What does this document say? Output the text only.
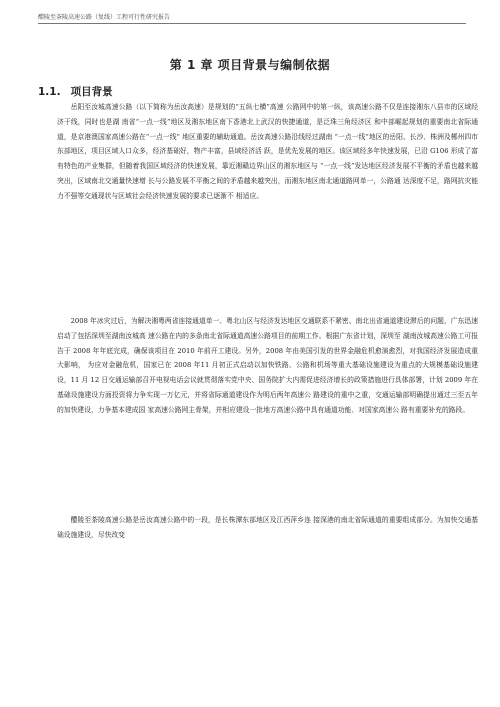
醴陵至茶陵高速公路（复线）工程可行性研究报告
第 1 章 项目背景与编制依据
1.1. 项目背景

岳阳至汝城高速公路（以下简称为岳汝高速）是规划的“五纵七横”高速 公路网中的第一纵，该高速公路不仅是连接湘东八县市的区域经济干线，同时也是湖 南省“一点一线”地区及湘东地区南下香港北上武汉的快捷通道，是泛珠三角经济区 和中部崛起规划的重要南北省际通道，是京港澳国家高速公路在“一点一线” 地区重要的辅助通道。岳汝高速公路沿线经过湖南 “一点一线”地区的岳阳、长沙、株洲及郴州四市东部地区，项目区域人口众多，经济基础好，物产丰富，县域经济活 跃，是优先发展的地区。该区域经多年快速发展，已沿 G106 形成了富有特色的产业集群，但随着我国区域经济的快速发展，靠近湘赣边界山区的湘东地区与 “一点一线”发达地区经济发展不平衡的矛盾也越来越突出，区域南北交通量快速增 长与公路发展不平衡之间的矛盾越来越突出，而湘东地区南北通道路网单一，公路通 达深度不足，路网抗灾能力不强等交通现状与区域社会经济快速发展的要求已逐渐不 相适应。

2008 年冰灾过后，为解决湘粤两省连接通道单一、粤北山区与经济发达地区交通联系不紧密、南北出省通道建设滞后的问题，广东迅速启动了包括深圳至湖南汝城高 速公路在内的多条南北省际通道高速公路项目的前期工作。根据广东省计划，深圳至 湖南汝城高速公路工可报告于 2008 年年底完成，确保该项目在 2010 年前开工建设。另外，2008 年由美国引发的世界金融危机愈演愈烈，对我国经济发展造成重大影响， 为应对金融危机，国家已在 2008 年11 月初正式启动以加快铁路、公路和机场等重大基础设施建设为重点的大规模基础设施建设，11 月 12 日交通运输部召开电视电话会议就贯彻落实党中央、国务院扩大内需促进经济增长的政策措施进行具体部署，计划 2009 年在基础设施建设方面投资将力争实现一万亿元，并将省际通道建设作为明后两年高速公 路建设的重中之重，交通运输部明确提出通过三至五年的加快建设，力争基本建成国 家高速公路网主骨架，并相应建设一批地方高速公路中具有通道功能、对国家高速公 路有重要补充的路段。

醴陵至茶陵高速公路是岳汝高速公路中的一段，是长株潭东部地区及江西萍乡连 接深港的南北省际通道的重要组成部分。为加快交通基础设施建设，尽快改变
